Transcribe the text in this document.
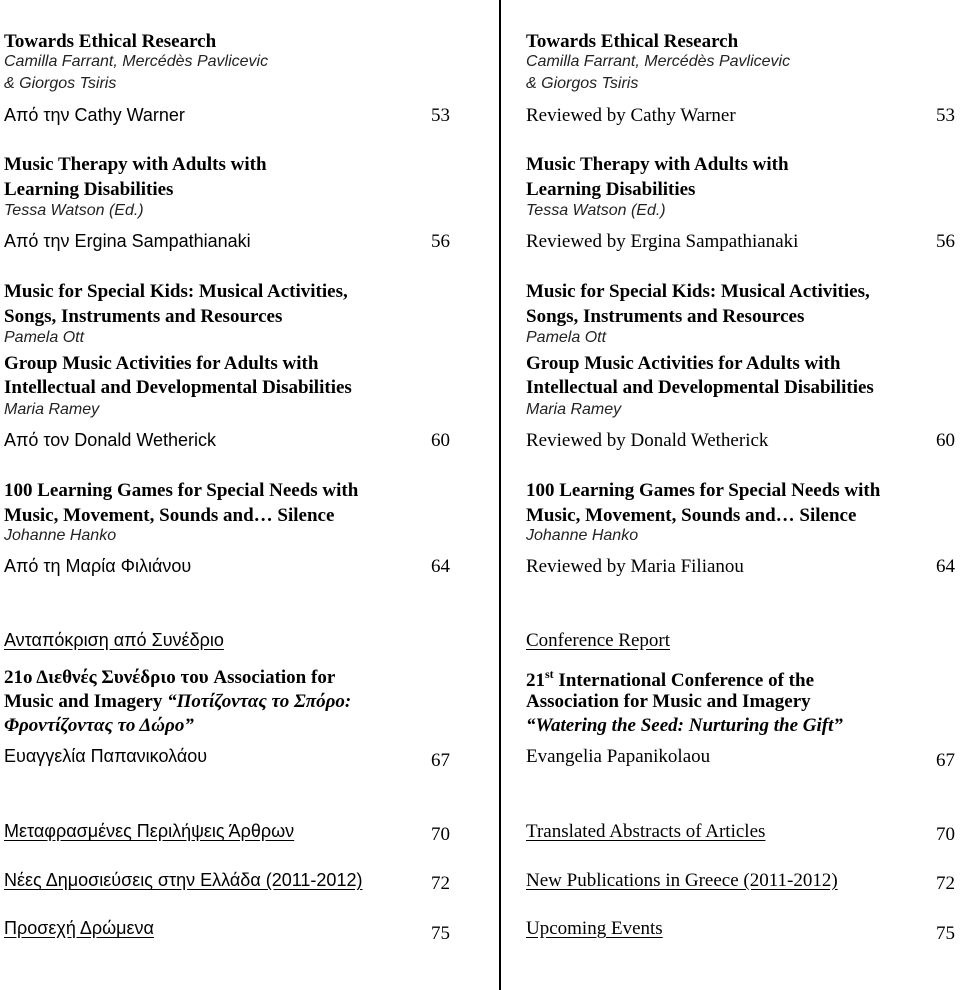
Towards Ethical Research
Camilla Farrant, Mercédès Pavlicevic
& Giorgos Tsiris
Από την Cathy Warner	53
Music Therapy with Adults with
Learning Disabilities
Tessa Watson (Ed.)
Από την Ergina Sampathianaki	56
Music for Special Kids: Musical Activities,
Songs, Instruments and Resources
Pamela Ott
Group Music Activities for Adults with
Intellectual and Developmental Disabilities
Maria Ramey
Από τον Donald Wetherick	60
100 Learning Games for Special Needs with
Music, Movement, Sounds and… Silence
Johanne Hanko
Από τη Μαρία Φιλιάνου	64
Ανταπόκριση από Συνέδριο
21ο Διεθνές Συνέδριο του Association for
Music and Imagery “Ποτίζοντας το Σπόρο:
Φροντίζοντας το Δώρο”
Ευαγγελία Παπανικολάου	67
Μεταφρασμένες Περιλήψεις Άρθρων	70
Νέες Δημοσιεύσεις στην Ελλάδα (2011-2012)	72
Προσεχή Δρώμενα	75
Towards Ethical Research
Camilla Farrant, Mercédès Pavlicevic
& Giorgos Tsiris
Reviewed by Cathy Warner	53
Music Therapy with Adults with
Learning Disabilities
Tessa Watson (Ed.)
Reviewed by Ergina Sampathianaki	56
Music for Special Kids: Musical Activities,
Songs, Instruments and Resources
Pamela Ott
Group Music Activities for Adults with
Intellectual and Developmental Disabilities
Maria Ramey
Reviewed by Donald Wetherick	60
100 Learning Games for Special Needs with
Music, Movement, Sounds and… Silence
Johanne Hanko
Reviewed by Maria Filianou	64
Conference Report
21st International Conference of the
Association for Music and Imagery
“Watering the Seed: Nurturing the Gift”
Evangelia Papanikolaou	67
Translated Abstracts of Articles	70
New Publications in Greece (2011-2012)	72
Upcoming Events	75
